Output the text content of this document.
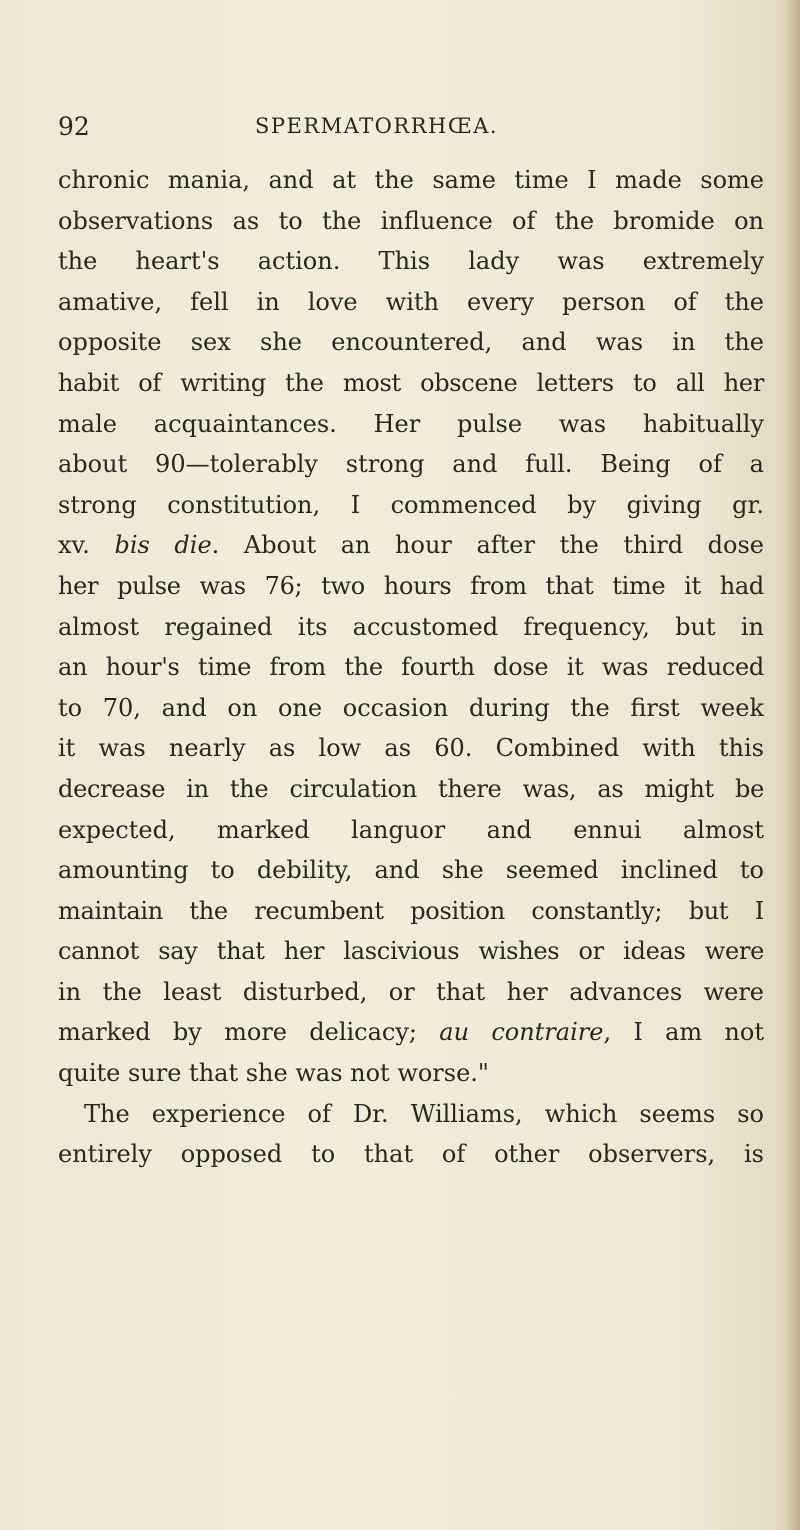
92	SPERMATORRHŒA.
chronic mania, and at the same time I made some
observations as to the influence of the bromide on
the heart's action. This lady was extremely
amative, fell in love with every person of the
opposite sex she encountered, and was in the
habit of writing the most obscene letters to all her
male acquaintances. Her pulse was habitually
about 90—tolerably strong and full. Being of a
strong constitution, I commenced by giving gr.
xv. bis die. About an hour after the third dose
her pulse was 76; two hours from that time it had
almost regained its accustomed frequency, but in
an hour's time from the fourth dose it was reduced
to 70, and on one occasion during the first week
it was nearly as low as 60. Combined with this
decrease in the circulation there was, as might be
expected, marked languor and ennui almost
amounting to debility, and she seemed inclined to
maintain the recumbent position constantly; but I
cannot say that her lascivious wishes or ideas were
in the least disturbed, or that her advances were
marked by more delicacy; au contraire, I am not
quite sure that she was not worse."
The experience of Dr. Williams, which seems so
entirely opposed to that of other observers, is
